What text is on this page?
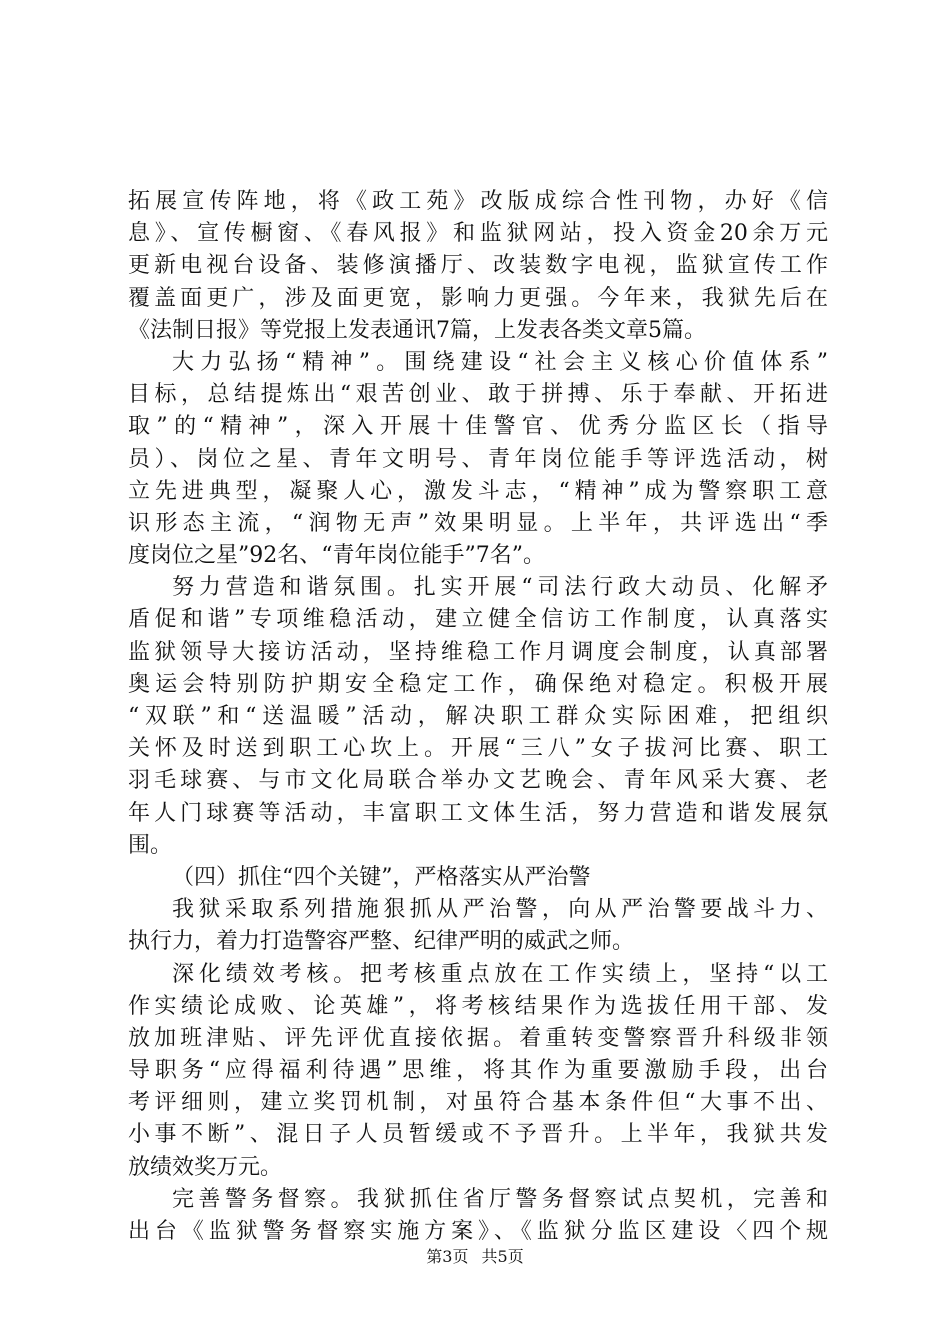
拓展宣传阵地，将《政工苑》改版成综合性刊物，办好《信
息》、宣传橱窗、《春风报》和监狱网站，投入资金20余万元
更新电视台设备、装修演播厅、改装数字电视，监狱宣传工作
覆盖面更广，涉及面更宽，影响力更强。今年来，我狱先后在
《法制日报》等党报上发表通讯7篇，上发表各类文章5篇。
大力弘扬“精神”。围绕建设“社会主义核心价值体系”
目标，总结提炼出“艰苦创业、敢于拼搏、乐于奉献、开拓进
取”的“精神”，深入开展十佳警官、优秀分监区长（指导
员）、岗位之星、青年文明号、青年岗位能手等评选活动，树
立先进典型，凝聚人心，激发斗志，“精神”成为警察职工意
识形态主流，“润物无声”效果明显。上半年，共评选出“季
度岗位之星”92名、“青年岗位能手”7名”。
努力营造和谐氛围。扎实开展“司法行政大动员、化解矛
盾促和谐”专项维稳活动，建立健全信访工作制度，认真落实
监狱领导大接访活动，坚持维稳工作月调度会制度，认真部署
奥运会特别防护期安全稳定工作，确保绝对稳定。积极开展
“双联”和“送温暖”活动，解决职工群众实际困难，把组织
关怀及时送到职工心坎上。开展“三八”女子拔河比赛、职工
羽毛球赛、与市文化局联合举办文艺晚会、青年风采大赛、老
年人门球赛等活动，丰富职工文体生活，努力营造和谐发展氛
围。
（四）抓住“四个关键”，严格落实从严治警
我狱采取系列措施狠抓从严治警，向从严治警要战斗力、
执行力，着力打造警容严整、纪律严明的威武之师。
深化绩效考核。把考核重点放在工作实绩上，坚持“以工
作实绩论成败、论英雄”，将考核结果作为选拔任用干部、发
放加班津贴、评先评优直接依据。着重转变警察晋升科级非领
导职务“应得福利待遇”思维，将其作为重要激励手段，出台
考评细则，建立奖罚机制，对虽符合基本条件但“大事不出、
小事不断”、混日子人员暂缓或不予晋升。上半年，我狱共发
放绩效奖万元。
完善警务督察。我狱抓住省厅警务督察试点契机，完善和
出台《监狱警务督察实施方案》、《监狱分监区建设〈四个规
第3页 共5页
